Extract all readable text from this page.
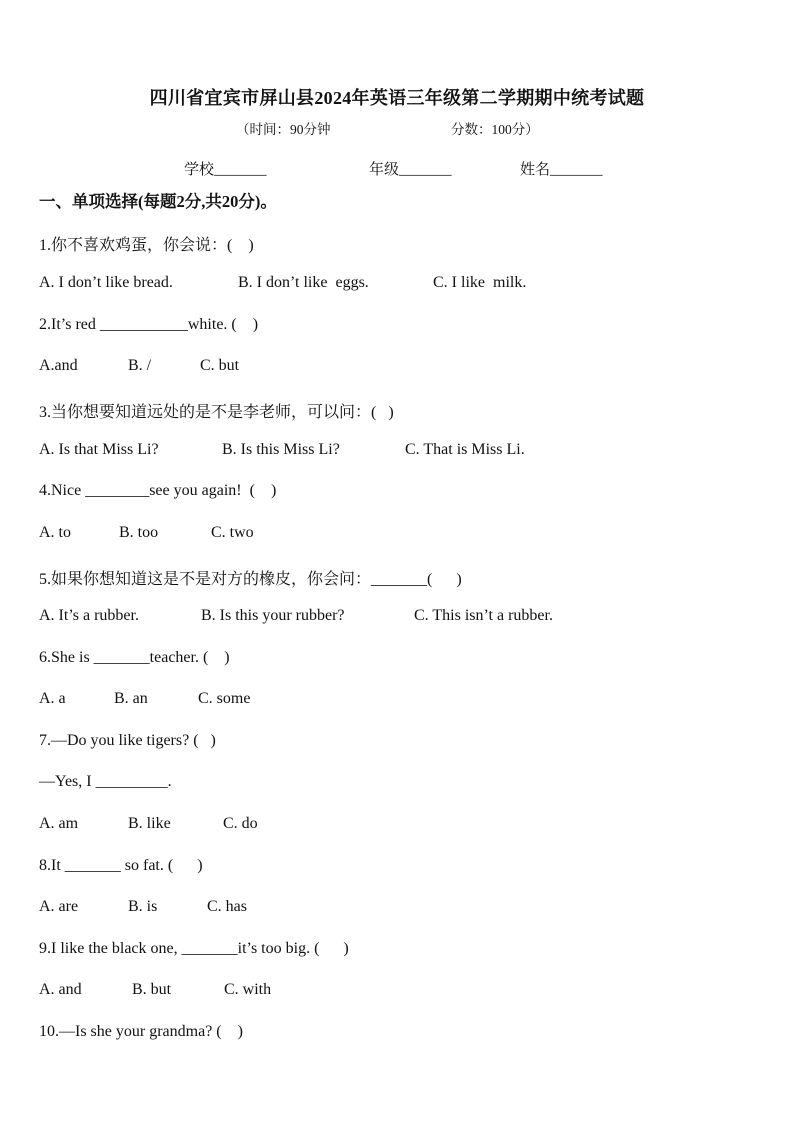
四川省宜宾市屏山县2024年英语三年级第二学期期中统考试题
（时间：90分钟	分数：100分）
学校_______	年级_______	姓名_______
一、单项选择(每题2分,共20分)。
1.你不喜欢鸡蛋，你会说：(    )
A. I don’t like bread.	B. I don’t like  eggs.	C. I like  milk.
2.It’s red ___________white. (    )
A.and	B. /	C. but
3.当你想要知道远处的是不是李老师，可以问：(   )
A. Is that Miss Li?	B. Is this Miss Li?	C. That is Miss Li.
4.Nice ________see you again!  (    )
A. to	B. too	C. two
5.如果你想知道这是不是对方的橡皮，你会问：_______(      )
A. It’s a rubber.	B. Is this your rubber?	C. This isn’t a rubber.
6.She is _______teacher. (    )
A. a	B. an	C. some
7.—Do you like tigers? (   )
—Yes, I _________.
A. am	B. like	C. do
8.It _______ so fat. (      )
A. are	B. is	C. has
9.I like the black one, _______it’s too big. (      )
A. and	B. but	C. with
10.—Is she your grandma? (    )
